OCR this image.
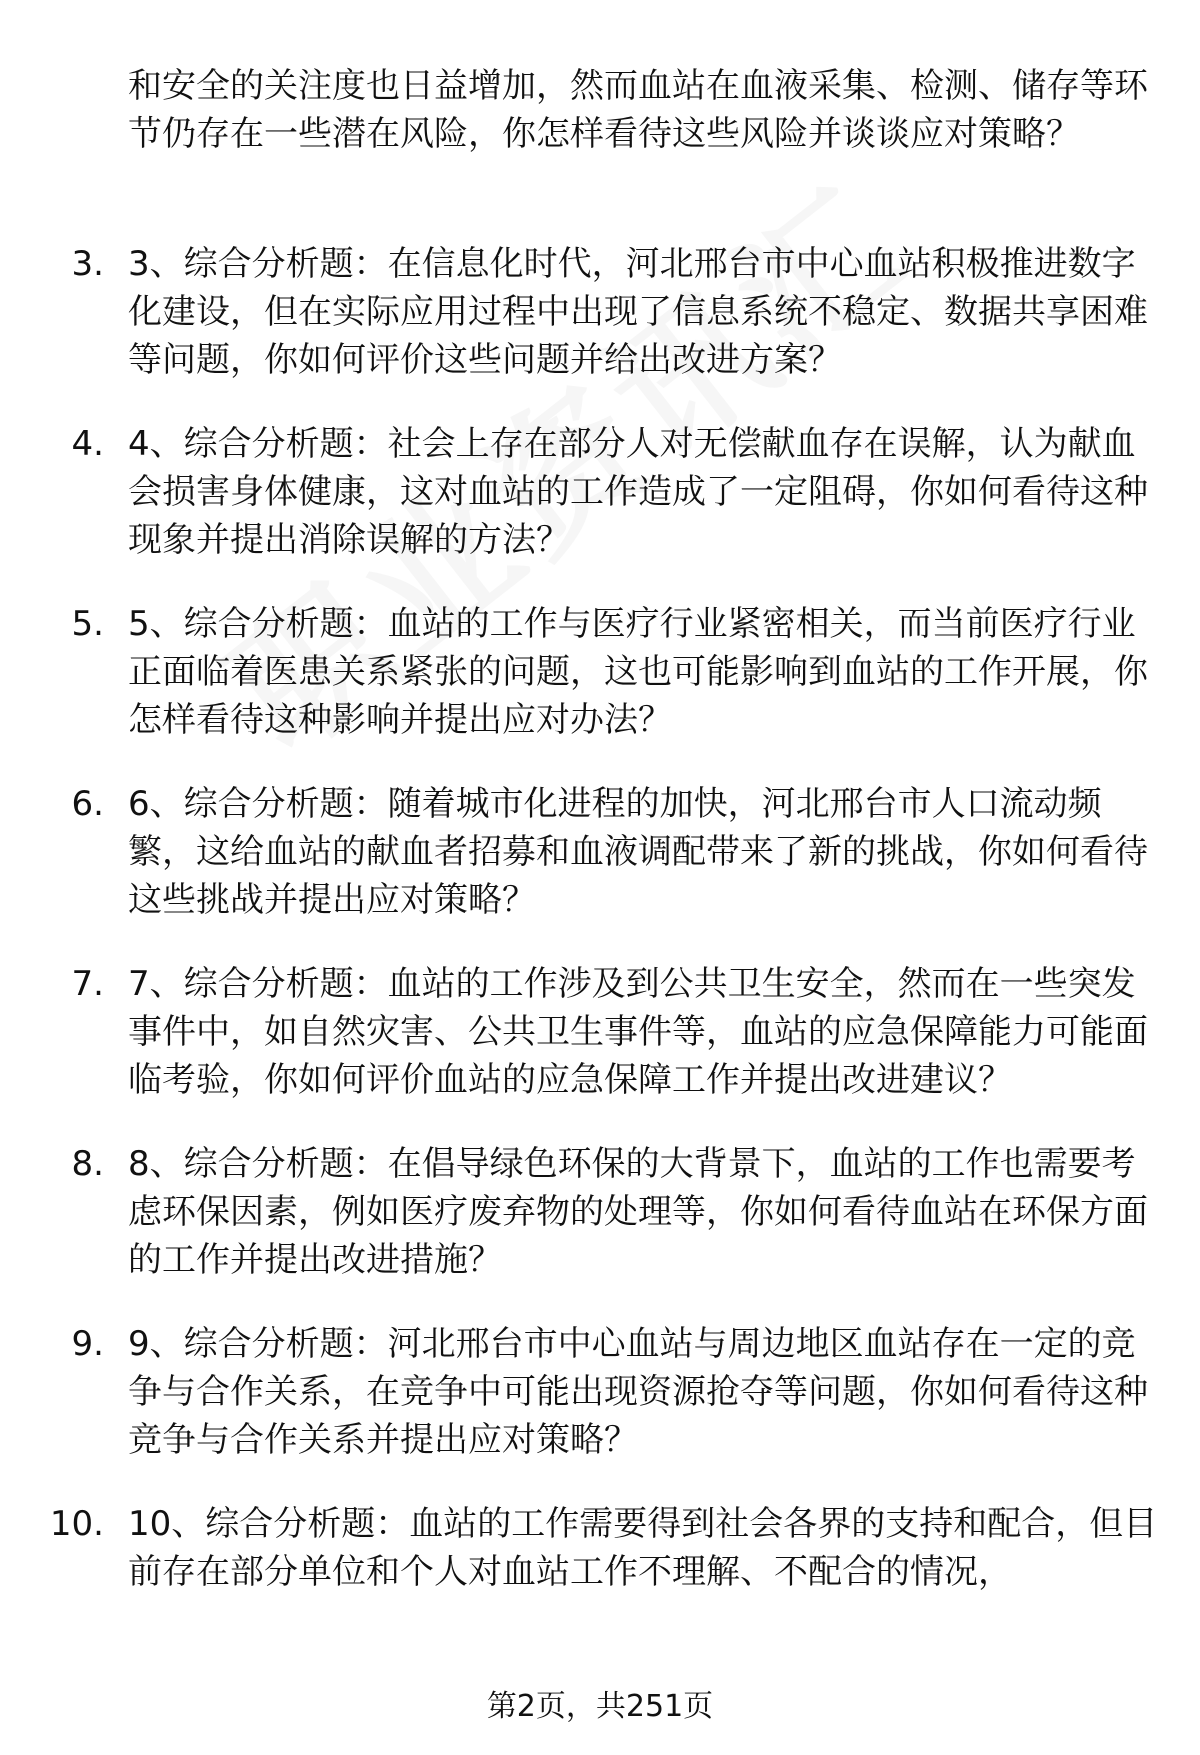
和安全的关注度也日益增加，然而血站在血液采集、检测、储存等环节仍存在一些潜在风险，你怎样看待这些风险并谈谈应对策略？

3. 3、综合分析题：在信息化时代，河北邢台市中心血站积极推进数字化建设，但在实际应用过程中出现了信息系统不稳定、数据共享困难等问题，你如何评价这些问题并给出改进方案？
4. 4、综合分析题：社会上存在部分人对无偿献血存在误解，认为献血会损害身体健康，这对血站的工作造成了一定阻碍，你如何看待这种现象并提出消除误解的方法？
5. 5、综合分析题：血站的工作与医疗行业紧密相关，而当前医疗行业正面临着医患关系紧张的问题，这也可能影响到血站的工作开展，你怎样看待这种影响并提出应对办法？
6. 6、综合分析题：随着城市化进程的加快，河北邢台市人口流动频繁，这给血站的献血者招募和血液调配带来了新的挑战，你如何看待这些挑战并提出应对策略？
7. 7、综合分析题：血站的工作涉及到公共卫生安全，然而在一些突发事件中，如自然灾害、公共卫生事件等，血站的应急保障能力可能面临考验，你如何评价血站的应急保障工作并提出改进建议？
8. 8、综合分析题：在倡导绿色环保的大背景下，血站的工作也需要考虑环保因素，例如医疗废弃物的处理等，你如何看待血站在环保方面的工作并提出改进措施？
9. 9、综合分析题：河北邢台市中心血站与周边地区血站存在一定的竞争与合作关系，在竞争中可能出现资源抢夺等问题，你如何看待这种竞争与合作关系并提出应对策略？
10. 10、综合分析题：血站的工作需要得到社会各界的支持和配合，但目前存在部分单位和个人对血站工作不理解、不配合的情况，
第2页，共251页
